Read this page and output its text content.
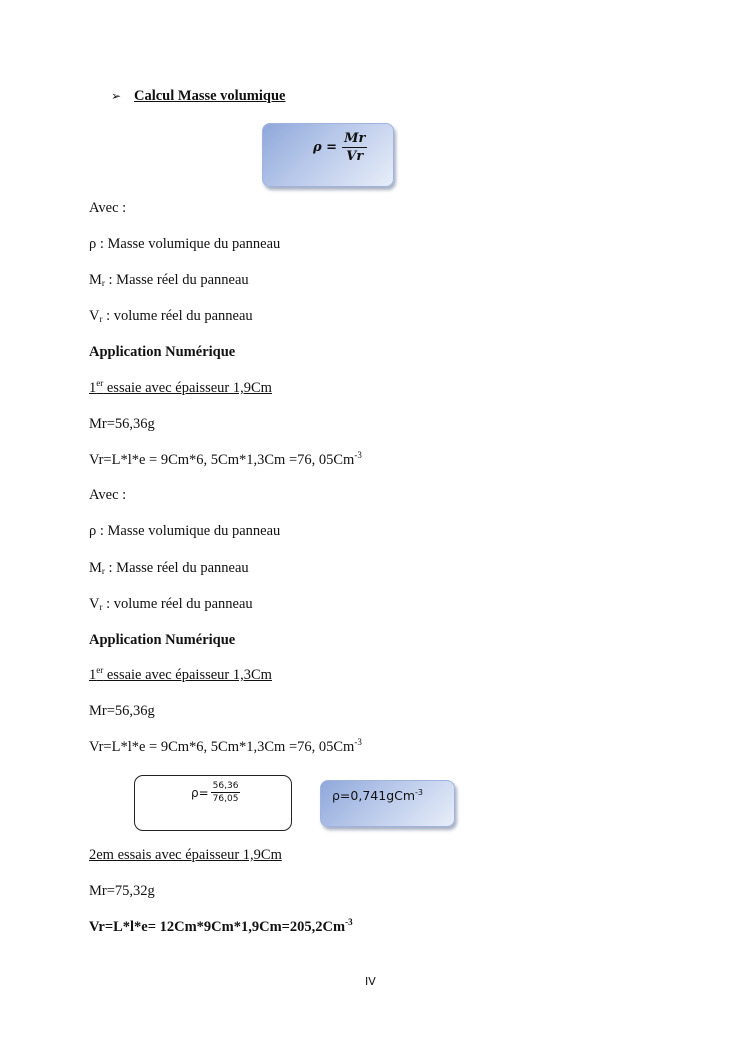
➢ Calcul Masse volumique
$\rho = \frac{Mr}{Vr}$
Avec :
ρ : Masse volumique du panneau
$M_r$ : Masse réel du panneau
$V_r$ : volume réel du panneau
Application Numérique
1er essaie avec épaisseur 1,9Cm
Mr=56,36g
Vr=L*l*e = 9Cm*6, 5Cm*1,3Cm =76, $05Cm^{-3}$
Avec :
ρ : Masse volumique du panneau
$M_r$ : Masse réel du panneau
$V_r$ : volume réel du panneau
Application Numérique
1er essaie avec épaisseur 1,3Cm
Mr=56,36g
Vr=L*l*e = 9Cm*6, 5Cm*1,3Cm =76, $05Cm^{-3}$
$\rho= \frac{56,36}{76,05}$	ρ=0,741gCm$^{-3}$
2em essais avec épaisseur 1,9Cm
Mr=75,32g
$Vr=L*l*e= 12Cm*9Cm*1,9Cm=205,2Cm^{-3}$
IV
